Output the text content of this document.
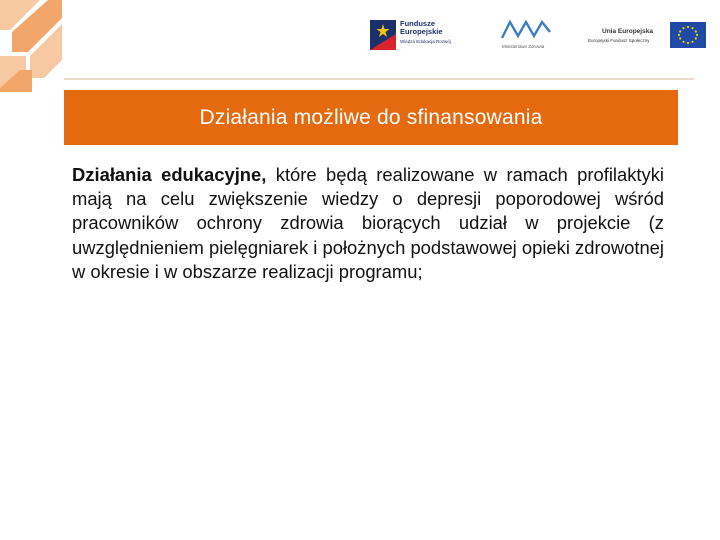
Fundusze
Europejskie
Wiedza Edukacja Rozwój
Ministerstwo Zdrowia
Unia Europejska
Europejski Fundusz Społeczny
Działania możliwe do sfinansowania

Działania edukacyjne, które będą realizowane w ramach profilaktyki mają na celu zwiększenie wiedzy o depresji poporodowej wśród pracowników ochrony zdrowia biorących udział w projekcie (z uwzględnieniem pielęgniarek i położnych podstawowej opieki zdrowotnej w okresie i w obszarze realizacji programu;
